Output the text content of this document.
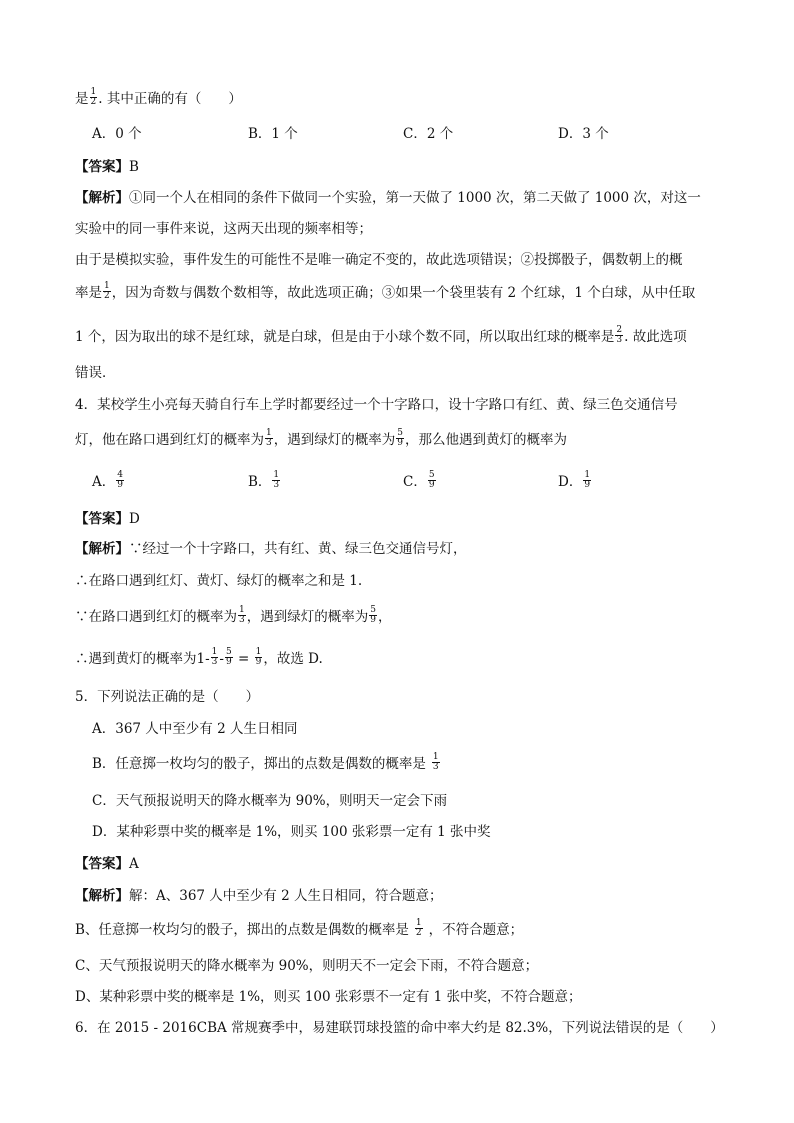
是 $\frac{1}{2}$ . 其中正确的有（　　）
A．0 个	B．1 个	C．2 个	D．3 个
【答案】B
【解析】①同一个人在相同的条件下做同一个实验，第一天做了 1000 次，第二天做了 1000 次，对这一
实验中的同一事件来说，这两天出现的频率相等；
由于是模拟实验，事件发生的可能性不是唯一确定不变的，故此选项错误；②投掷骰子，偶数朝上的概
率是 $\frac{1}{2}$ ，因为奇数与偶数个数相等，故此选项正确；③如果一个袋里装有 2 个红球，1 个白球，从中任取
1 个，因为取出的球不是红球，就是白球，但是由于小球个数不同，所以取出红球的概率是 $\frac{2}{3}$ . 故此选项
错误．
4．某校学生小亮每天骑自行车上学时都要经过一个十字路口，设十字路口有红、黄、绿三色交通信号
灯，他在路口遇到红灯的概率为 $\frac{1}{3}$ ，遇到绿灯的概率为 $\frac{5}{9}$ ，那么他遇到黄灯的概率为
A． $\frac{4}{9}$	B． $\frac{1}{3}$	C． $\frac{5}{9}$	D． $\frac{1}{9}$
【答案】D
【解析】∵经过一个十字路口，共有红、黄、绿三色交通信号灯，
∴在路口遇到红灯、黄灯、绿灯的概率之和是 1.
∵在路口遇到红灯的概率为 $\frac{1}{3}$ ，遇到绿灯的概率为 $\frac{5}{9}$ ，
∴遇到黄灯的概率为$1- \frac{1}{3} - \frac{5}{9} = \frac{1}{9}$ ，故选 D.
5．下列说法正确的是（　　）
A．367 人中至少有 2 人生日相同
B．任意掷一枚均匀的骰子，掷出的点数是偶数的概率是 $\frac{1}{3}$
C．天气预报说明天的降水概率为 90%，则明天一定会下雨
D．某种彩票中奖的概率是 1%，则买 100 张彩票一定有 1 张中奖
【答案】A
【解析】解：A、367 人中至少有 2 人生日相同，符合题意；
B、任意掷一枚均匀的骰子，掷出的点数是偶数的概率是 $\frac{1}{2}$ ，不符合题意；
C、天气预报说明天的降水概率为 90%，则明天不一定会下雨，不符合题意；
D、某种彩票中奖的概率是 1%，则买 100 张彩票不一定有 1 张中奖，不符合题意；
6．在 2015 - 2016CBA 常规赛季中，易建联罚球投篮的命中率大约是 82.3%，下列说法错误的是（　　）
